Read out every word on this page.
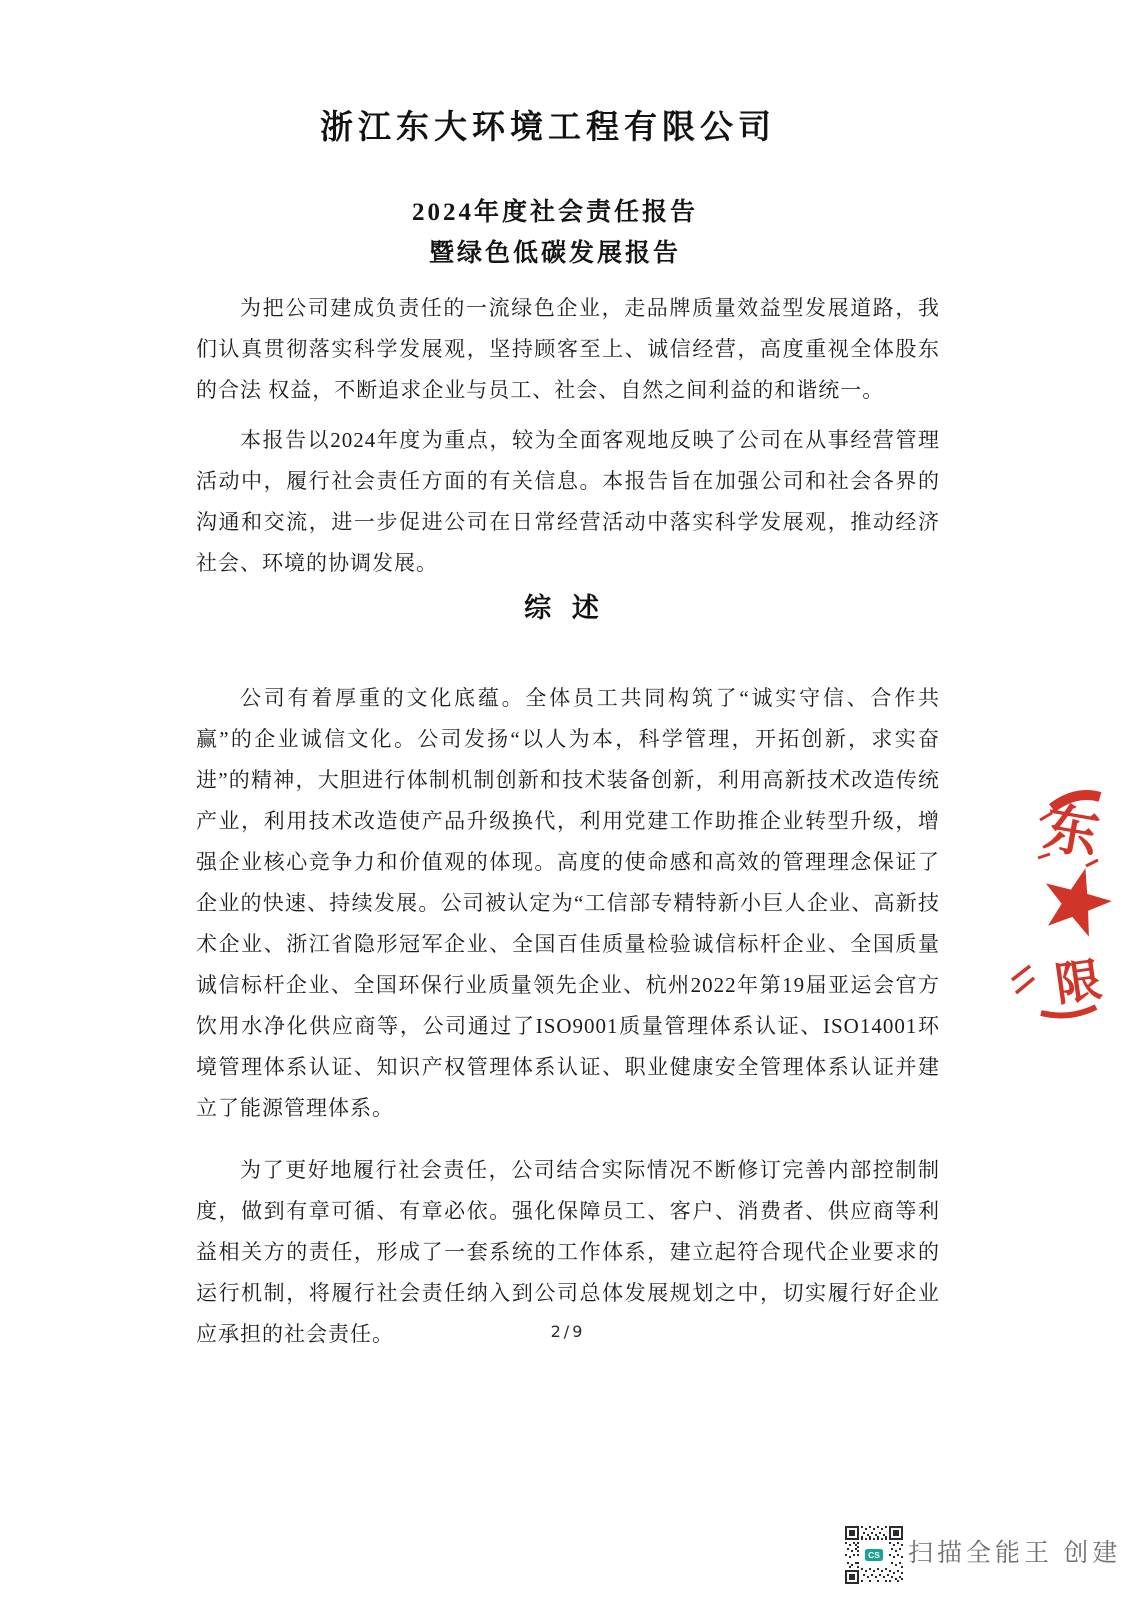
浙江东大环境工程有限公司
2024年度社会责任报告
暨绿色低碳发展报告

为把公司建成负责任的一流绿色企业，走品牌质量效益型发展道路，我们认真贯彻落实科学发展观，坚持顾客至上、诚信经营，高度重视全体股东的合法 权益，不断追求企业与员工、社会、自然之间利益的和谐统一。

本报告以2024年度为重点，较为全面客观地反映了公司在从事经营管理活动中，履行社会责任方面的有关信息。本报告旨在加强公司和社会各界的沟通和交流，进一步促进公司在日常经营活动中落实科学发展观，推动经济社会、环境的协调发展。

综 述

公司有着厚重的文化底蕴。全体员工共同构筑了“诚实守信、合作共赢”的企业诚信文化。公司发扬“以人为本，科学管理，开拓创新，求实奋进”的精神，大胆进行体制机制创新和技术装备创新，利用高新技术改造传统产业，利用技术改造使产品升级换代，利用党建工作助推企业转型升级，增强企业核心竞争力和价值观的体现。高度的使命感和高效的管理理念保证了企业的快速、持续发展。公司被认定为“工信部专精特新小巨人企业、高新技术企业、浙江省隐形冠军企业、全国百佳质量检验诚信标杆企业、全国质量诚信标杆企业、全国环保行业质量领先企业、杭州2022年第19届亚运会官方饮用水净化供应商等，公司通过了ISO9001质量管理体系认证、ISO14001环境管理体系认证、知识产权管理体系认证、职业健康安全管理体系认证并建立了能源管理体系。

为了更好地履行社会责任，公司结合实际情况不断修订完善内部控制制度，做到有章可循、有章必依。强化保障员工、客户、消费者、供应商等利益相关方的责任，形成了一套系统的工作体系，建立起符合现代企业要求的运行机制，将履行社会责任纳入到公司总体发展规划之中，切实履行好企业应承担的社会责任。	2/9
东
限
CS 扫描全能王 创建
